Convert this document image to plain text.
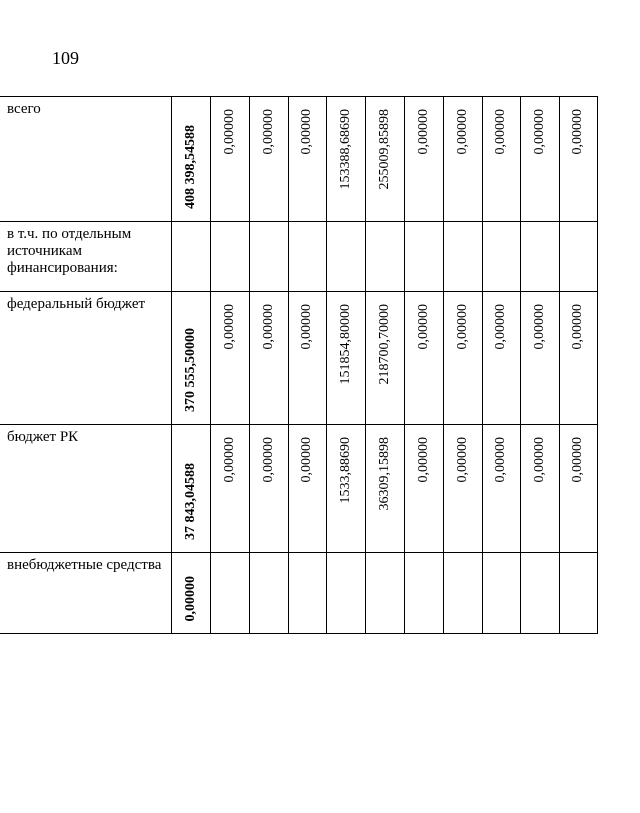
109
всего	408 398,54588	0,00000	0,00000	0,00000	153388,68690	255009,85898	0,00000	0,00000	0,00000	0,00000	0,00000

в т.ч. по отдельным источникам финансирования:											

федеральный бюджет	370 555,50000	0,00000	0,00000	0,00000	151854,80000	218700,70000	0,00000	0,00000	0,00000	0,00000	0,00000

бюджет РК	37 843,04588	0,00000	0,00000	0,00000	1533,88690	36309,15898	0,00000	0,00000	0,00000	0,00000	0,00000

внебюджетные средства	0,00000										
